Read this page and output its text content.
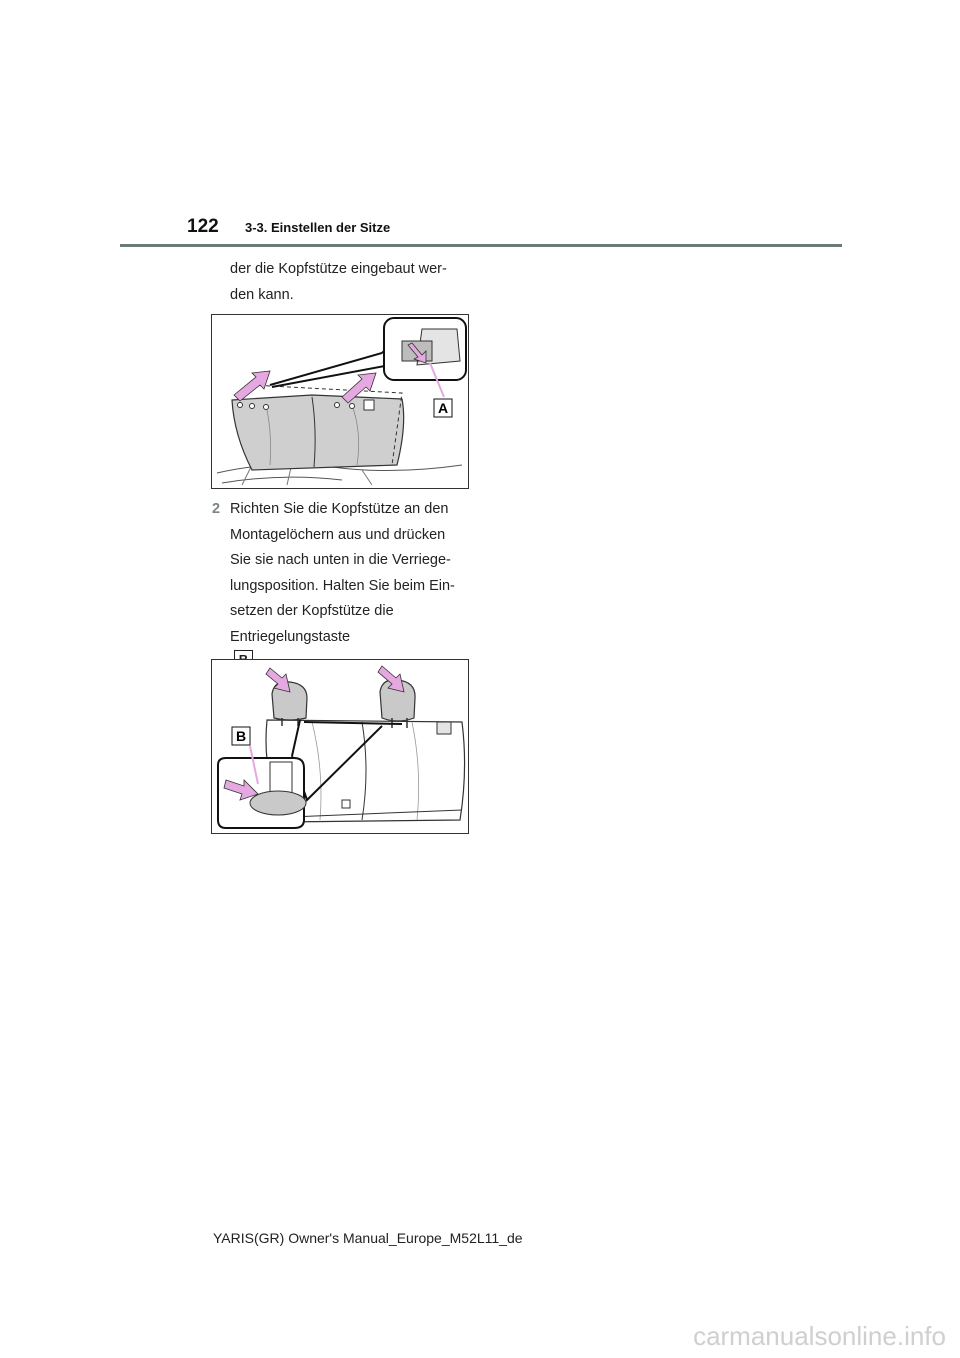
122 3-3. Einstellen der Sitze
der die Kopfstütze eingebaut wer-
den kann.
A
2 Richten Sie die Kopfstütze an den
Montagelöchern aus und drücken
Sie sie nach unten in die Verriege-
lungsposition. Halten Sie beim Ein-
setzen der Kopfstütze die
Entriegelungstaste
B
YARIS(GR) Owner's Manual_Europe_M52L11_de
carmanualsonline.info
